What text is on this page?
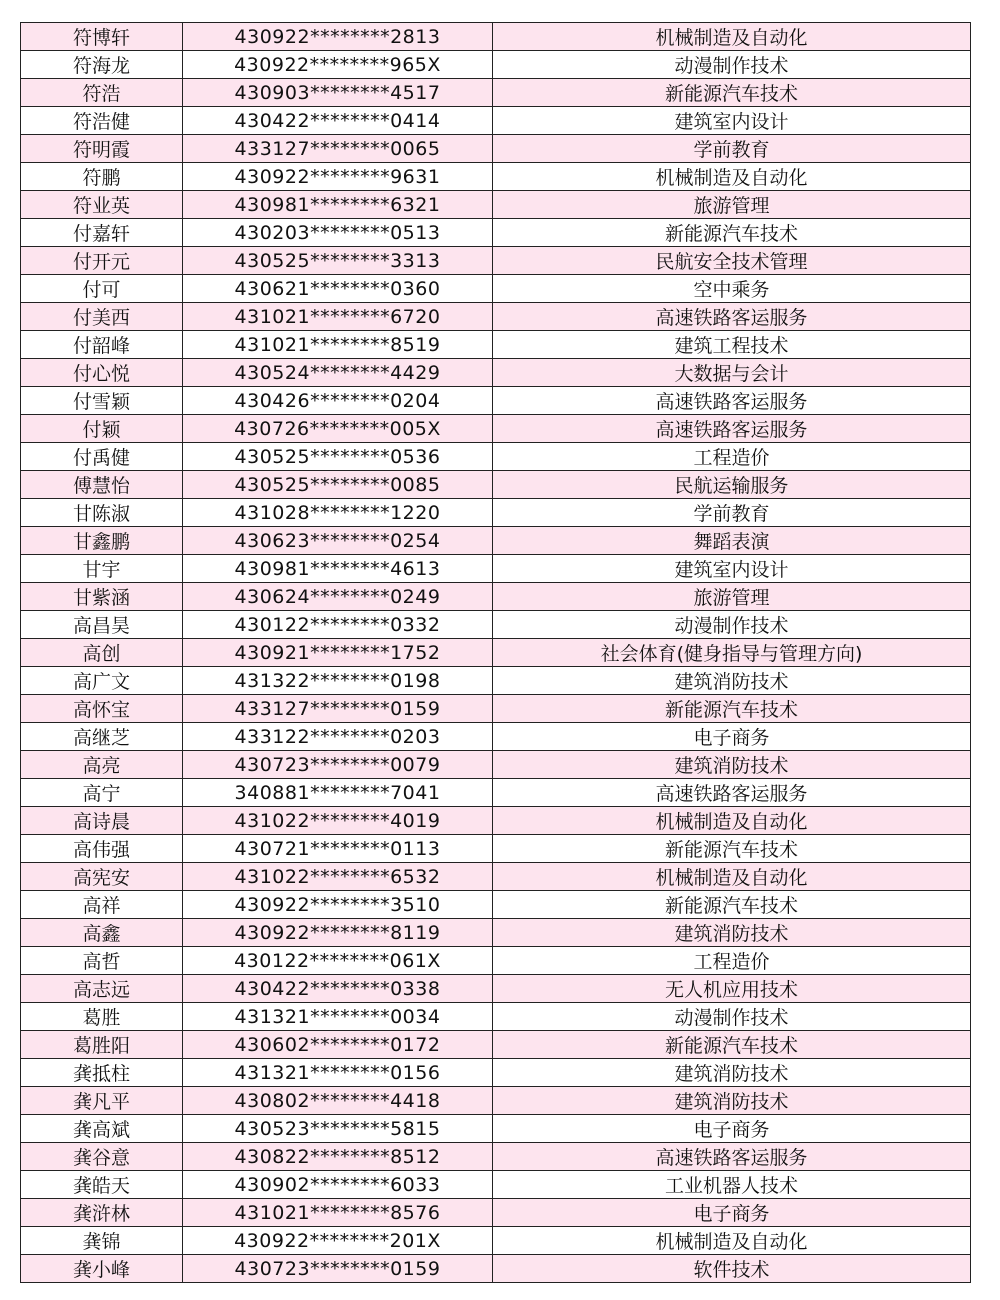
符博轩	430922********2813	机械制造及自动化
符海龙	430922********965X	动漫制作技术
符浩	430903********4517	新能源汽车技术
符浩健	430422********0414	建筑室内设计
符明霞	433127********0065	学前教育
符鹏	430922********9631	机械制造及自动化
符业英	430981********6321	旅游管理
付嘉轩	430203********0513	新能源汽车技术
付开元	430525********3313	民航安全技术管理
付可	430621********0360	空中乘务
付美西	431021********6720	高速铁路客运服务
付韶峰	431021********8519	建筑工程技术
付心悦	430524********4429	大数据与会计
付雪颖	430426********0204	高速铁路客运服务
付颖	430726********005X	高速铁路客运服务
付禹健	430525********0536	工程造价
傅慧怡	430525********0085	民航运输服务
甘陈淑	431028********1220	学前教育
甘鑫鹏	430623********0254	舞蹈表演
甘宇	430981********4613	建筑室内设计
甘紫涵	430624********0249	旅游管理
高昌昊	430122********0332	动漫制作技术
高创	430921********1752	社会体育(健身指导与管理方向)
高广文	431322********0198	建筑消防技术
高怀宝	433127********0159	新能源汽车技术
高继芝	433122********0203	电子商务
高亮	430723********0079	建筑消防技术
高宁	340881********7041	高速铁路客运服务
高诗晨	431022********4019	机械制造及自动化
高伟强	430721********0113	新能源汽车技术
高宪安	431022********6532	机械制造及自动化
高祥	430922********3510	新能源汽车技术
高鑫	430922********8119	建筑消防技术
高哲	430122********061X	工程造价
高志远	430422********0338	无人机应用技术
葛胜	431321********0034	动漫制作技术
葛胜阳	430602********0172	新能源汽车技术
龚抵柱	431321********0156	建筑消防技术
龚凡平	430802********4418	建筑消防技术
龚高斌	430523********5815	电子商务
龚谷意	430822********8512	高速铁路客运服务
龚皓天	430902********6033	工业机器人技术
龚浒林	431021********8576	电子商务
龚锦	430922********201X	机械制造及自动化
龚小峰	430723********0159	软件技术
